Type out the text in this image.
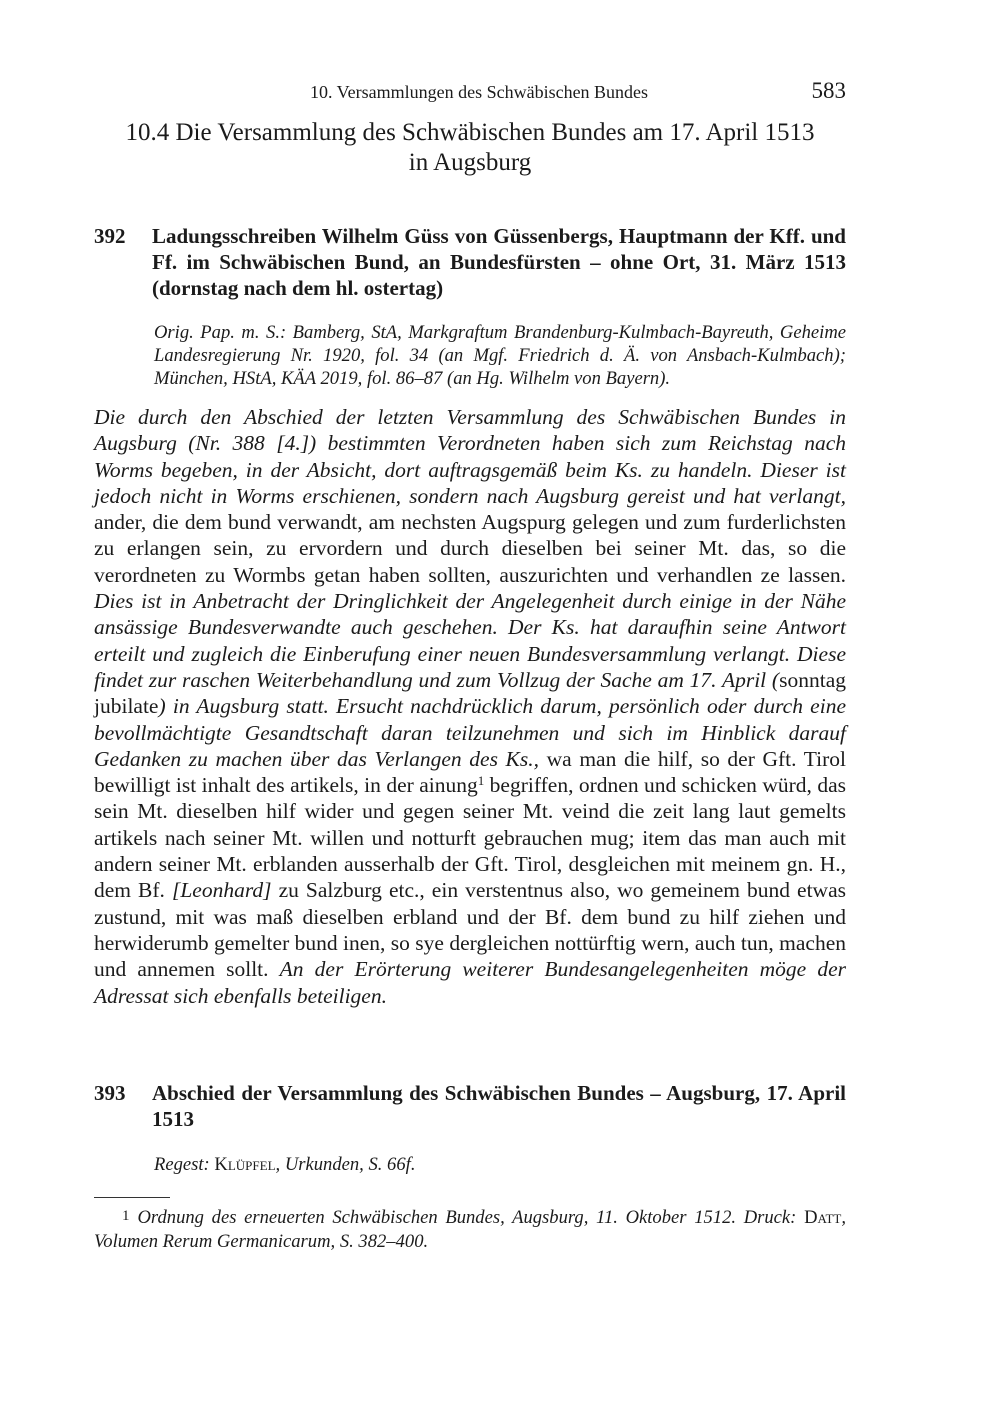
10. Versammlungen des Schwäbischen Bundes	583
10.4 Die Versammlung des Schwäbischen Bundes am 17. April 1513
in Augsburg
392 Ladungsschreiben Wilhelm Güss von Güssenbergs, Hauptmann der Kff. und Ff. im Schwäbischen Bund, an Bundesfürsten – ohne Ort, 31. März 1513 (dornstag nach dem hl. ostertag)
Orig. Pap. m. S.: Bamberg, StA, Markgraftum Brandenburg-Kulmbach-Bayreuth, Geheime Landesregierung Nr. 1920, fol. 34 (an Mgf. Friedrich d. Ä. von Ansbach-Kulmbach); München, HStA, KÄA 2019, fol. 86–87 (an Hg. Wilhelm von Bayern).
Die durch den Abschied der letzten Versammlung des Schwäbischen Bundes in Augsburg (Nr. 388 [4.]) bestimmten Verordneten haben sich zum Reichstag nach Worms begeben, in der Absicht, dort auftragsgemäß beim Ks. zu handeln. Dieser ist jedoch nicht in Worms erschienen, sondern nach Augsburg gereist und hat verlangt, ander, die dem bund verwandt, am nechsten Augspurg gelegen und zum furderlichsten zu erlangen sein, zu ervordern und durch dieselben bei seiner Mt. das, so die verordneten zu Wormbs getan haben sollten, auszurichten und verhandlen ze lassen. Dies ist in Anbetracht der Dringlichkeit der Angelegenheit durch einige in der Nähe ansässige Bundesverwandte auch geschehen. Der Ks. hat daraufhin seine Antwort erteilt und zugleich die Einberufung einer neuen Bundesversammlung verlangt. Diese findet zur raschen Weiterbehandlung und zum Vollzug der Sache am 17. April (sonntag jubilate) in Augsburg statt. Ersucht nachdrücklich darum, persönlich oder durch eine bevollmächtigte Gesandtschaft daran teilzunehmen und sich im Hinblick darauf Gedanken zu machen über das Verlangen des Ks., wa man die hilf, so der Gft. Tirol bewilligt ist inhalt des artikels, in der ainung$^1$ begriffen, ordnen und schicken würd, das sein Mt. dieselben hilf wider und gegen seiner Mt. veind die zeit lang laut gemelts artikels nach seiner Mt. willen und notturft gebrauchen mug; item das man auch mit andern seiner Mt. erblanden ausserhalb der Gft. Tirol, desgleichen mit meinem gn. H., dem Bf. [Leonhard] zu Salzburg etc., ein verstentnus also, wo gemeinem bund etwas zustund, mit was maß dieselben erbland und der Bf. dem bund zu hilf ziehen und herwiderumb gemelter bund inen, so sye dergleichen nottürftig wern, auch tun, machen und annemen sollt. An der Erörterung weiterer Bundesangelegenheiten möge der Adressat sich ebenfalls beteiligen.
393 Abschied der Versammlung des Schwäbischen Bundes – Augsburg, 17. April 1513
Regest: Klüpfel, Urkunden, S. 66f.
1 Ordnung des erneuerten Schwäbischen Bundes, Augsburg, 11. Oktober 1512. Druck: Datt, Volumen Rerum Germanicarum, S. 382–400.
